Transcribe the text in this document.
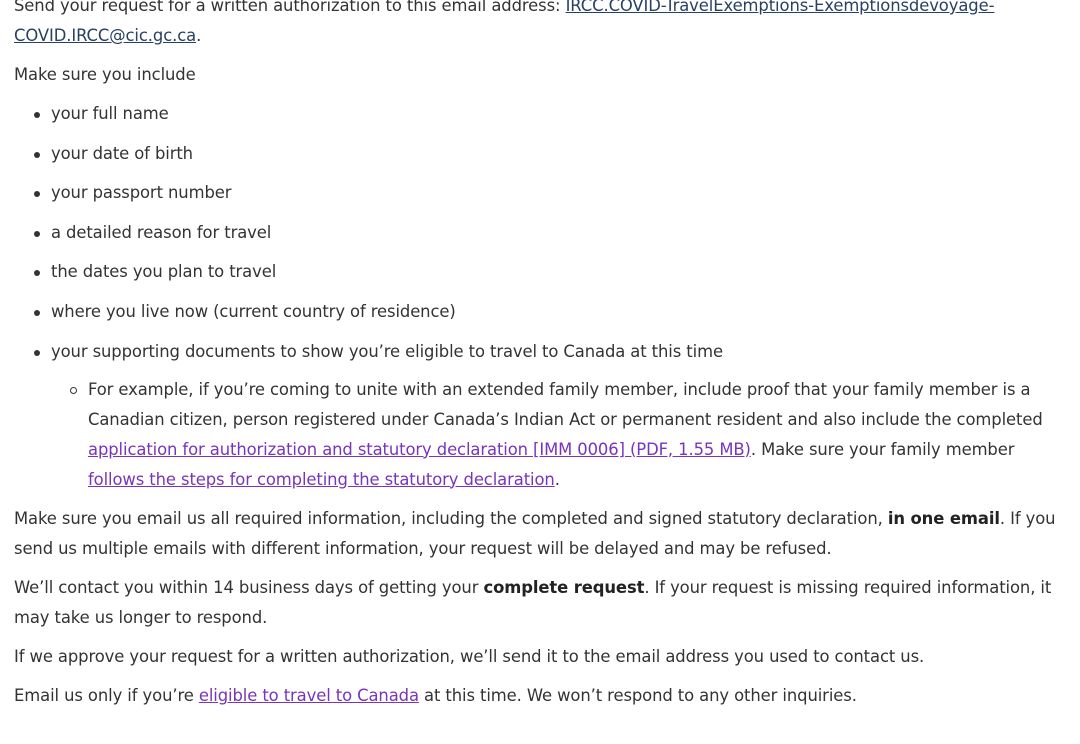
Send your request for a written authorization to this email address: IRCC.COVID-TravelExemptions-Exemptionsdevoyage-COVID.IRCC@cic.gc.ca.

Make sure you include

your full name
your date of birth
your passport number
a detailed reason for travel
the dates you plan to travel
where you live now (current country of residence)
your supporting documents to show you’re eligible to travel to Canada at this time
For example, if you’re coming to unite with an extended family member, include proof that your family member is a Canadian citizen, person registered under Canada’s Indian Act or permanent resident and also include the completed application for authorization and statutory declaration [IMM 0006] (PDF, 1.55 MB). Make sure your family member follows the steps for completing the statutory declaration.

Make sure you email us all required information, including the completed and signed statutory declaration, in one email. If you send us multiple emails with different information, your request will be delayed and may be refused.

We’ll contact you within 14 business days of getting your complete request. If your request is missing required information, it may take us longer to respond.

If we approve your request for a written authorization, we’ll send it to the email address you used to contact us.

Email us only if you’re eligible to travel to Canada at this time. We won’t respond to any other inquiries.
